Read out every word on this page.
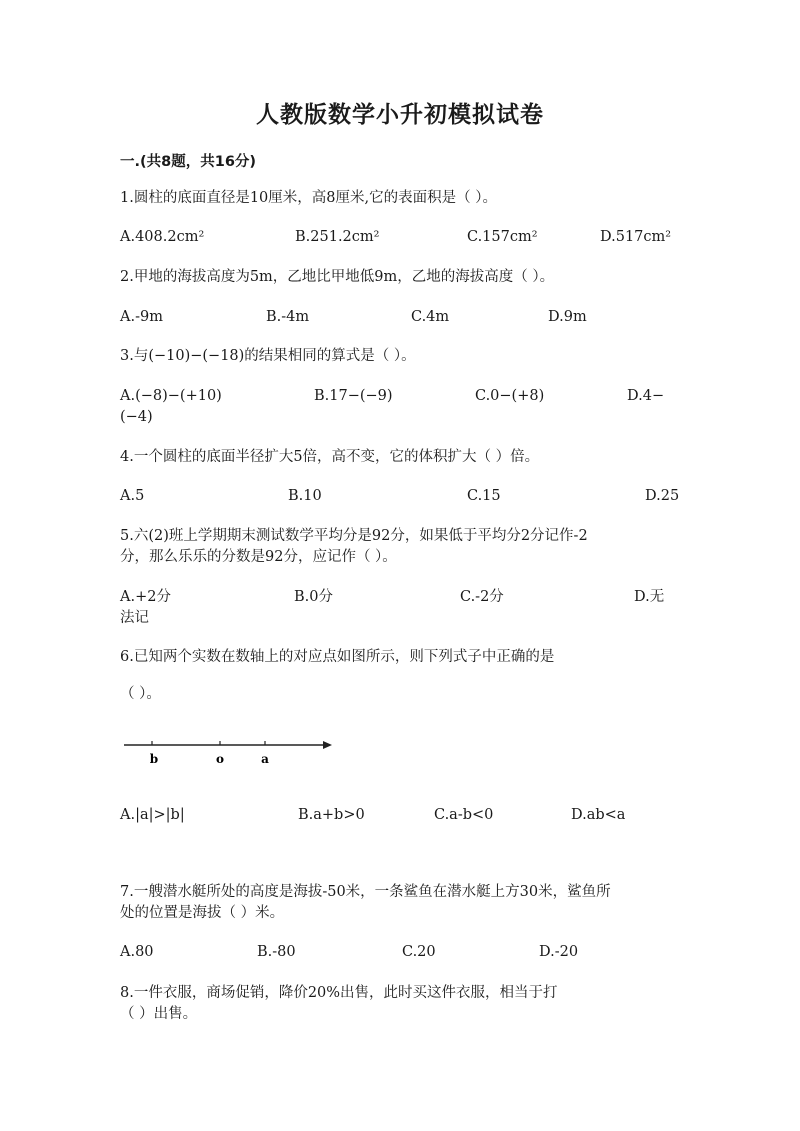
人教版数学小升初模拟试卷
一.(共8题，共16分)
1.圆柱的底面直径是10厘米，高8厘米,它的表面积是（ ）。
A.408.2cm²	B.251.2cm²	C.157cm²	D.517cm²
2.甲地的海拔高度为5m，乙地比甲地低9m，乙地的海拔高度（ ）。
A.-9m	B.-4m	C.4m	D.9m
3.与(−10)−(−18)的结果相同的算式是（ ）。
A.(−8)−(+10)	B.17−(−9)	C.0−(+8)	D.4−
(−4)
4.一个圆柱的底面半径扩大5倍，高不变，它的体积扩大（ ）倍。
A.5	B.10	C.15	D.25
5.六(2)班上学期期末测试数学平均分是92分，如果低于平均分2分记作-2
分，那么乐乐的分数是92分，应记作（ ）。
A.+2分	B.0分	C.-2分	D.无
法记
6.已知两个实数在数轴上的对应点如图所示，则下列式子中正确的是
（ ）。
b	o	a
A.|a|>|b|	B.a+b>0	C.a-b<0	D.ab<a
7.一艘潜水艇所处的高度是海拔-50米，一条鲨鱼在潜水艇上方30米，鲨鱼所
处的位置是海拔（ ）米。
A.80	B.-80	C.20	D.-20
8.一件衣服，商场促销，降价20%出售，此时买这件衣服，相当于打
（ ）出售。
